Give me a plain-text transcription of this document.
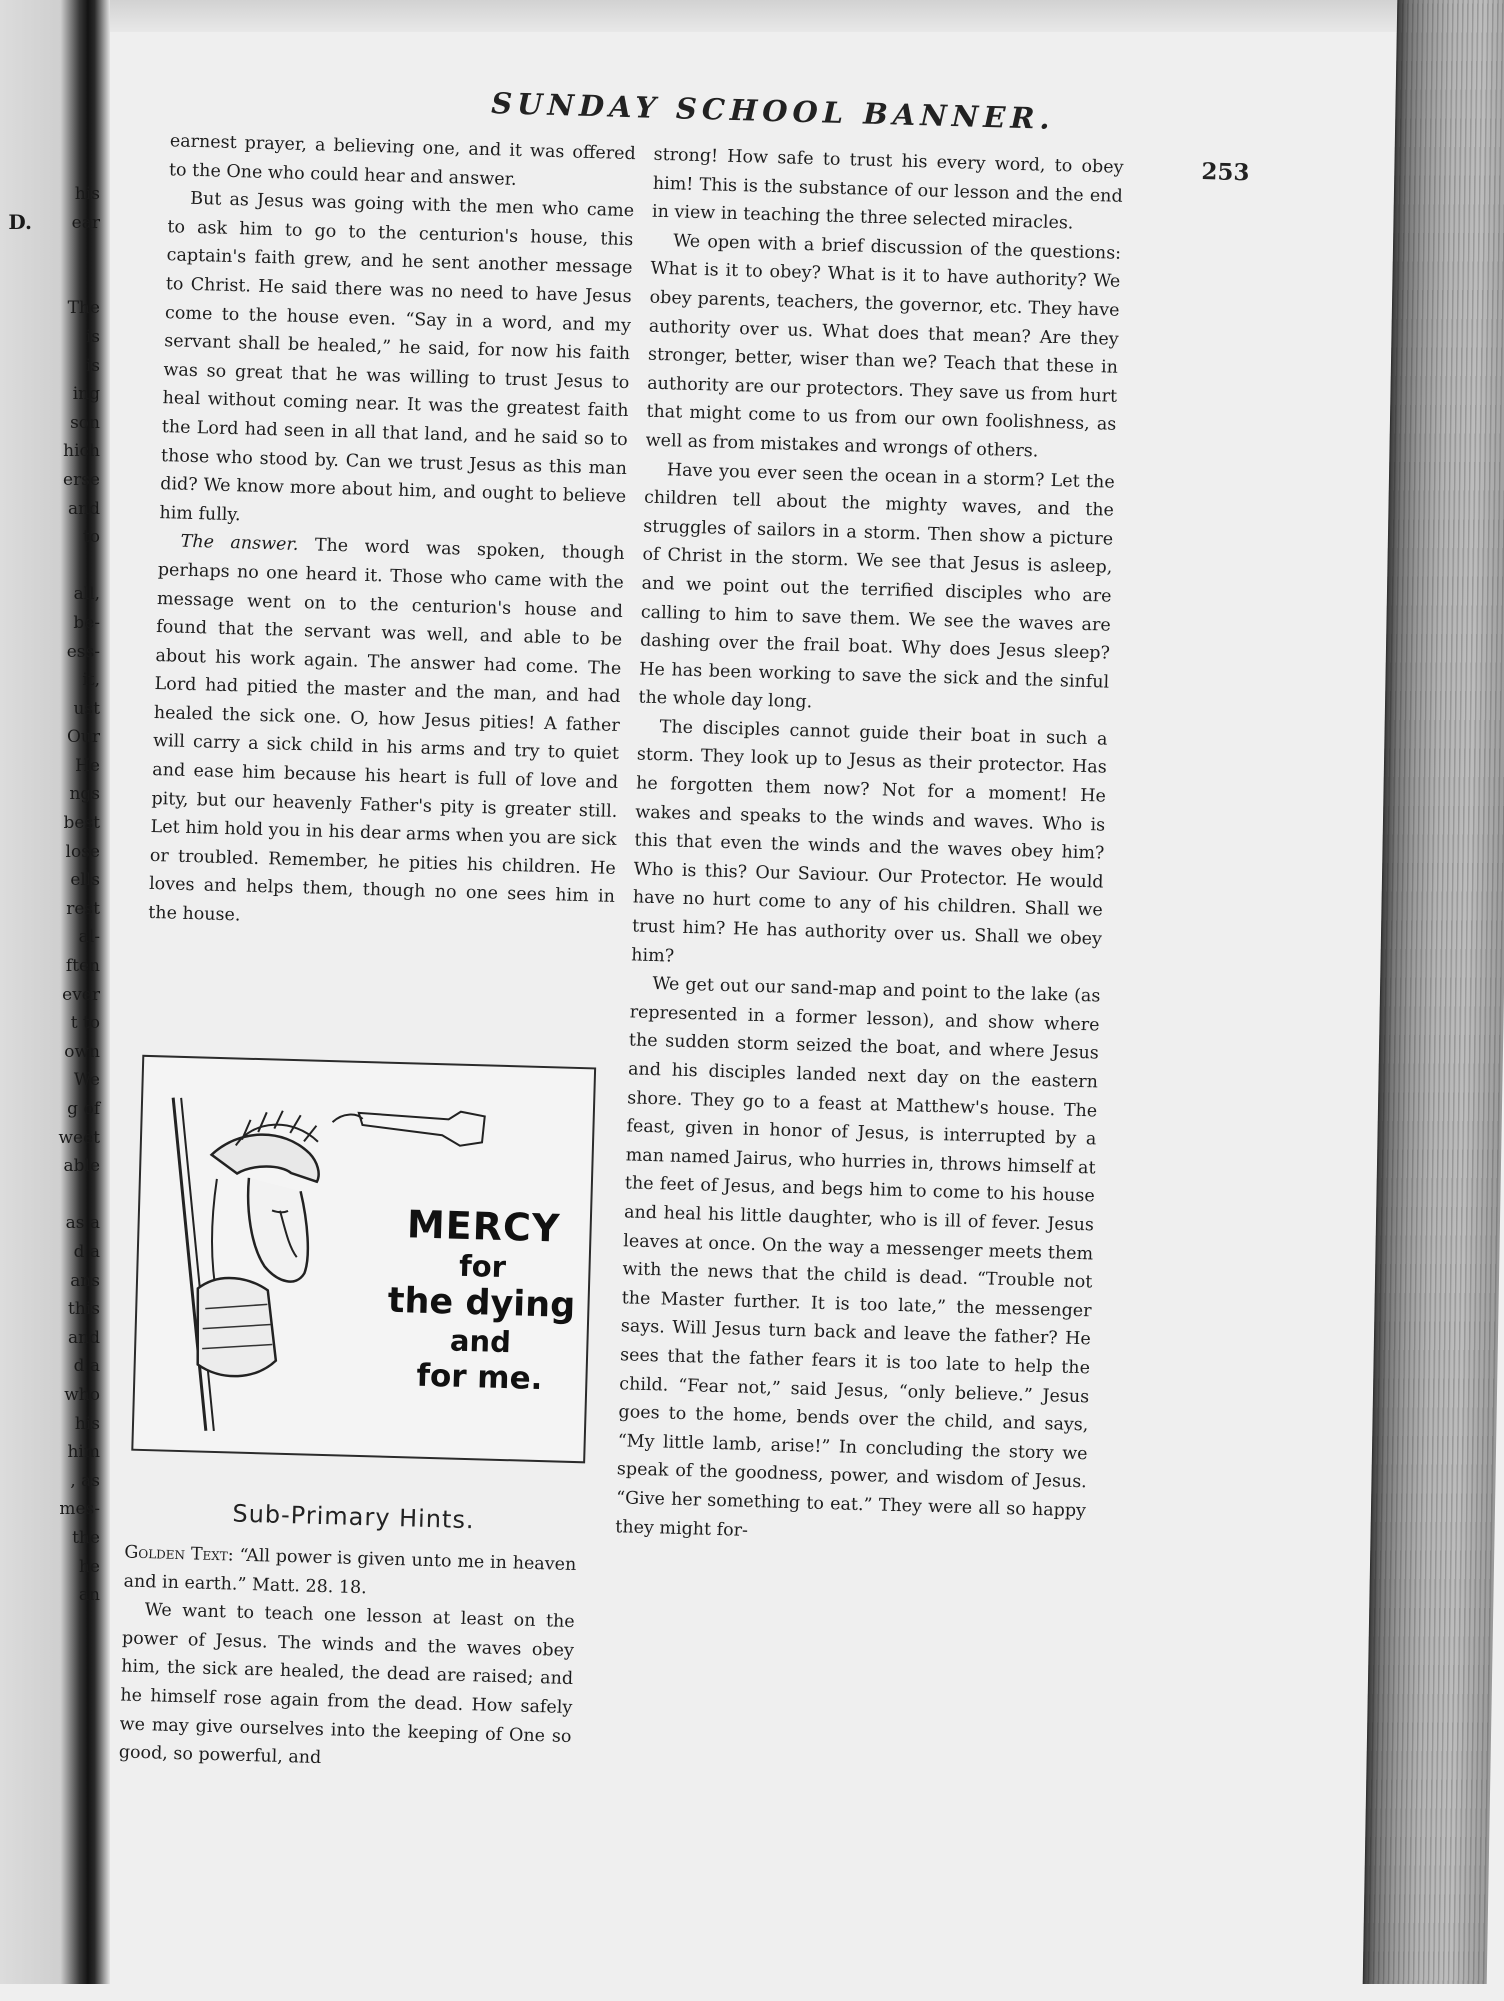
D.
his
ear
The
is
is
ing
son
hich
erse
and
to
all,
be-
ess-
it,
ust
Our
He
ngs
best
lose
ells
rest
al-
ften
ever
t to
own
We
g of
weet
able
as a
d a
ans
this
and
d a
who
his
him
, as
mes-
the
he
an
SUNDAY SCHOOL BANNER.
253

earnest prayer, a believing one, and it was offered to the One who could hear and answer.

But as Jesus was going with the men who came to ask him to go to the centurion's house, this captain's faith grew, and he sent another message to Christ. He said there was no need to have Jesus come to the house even. “Say in a word, and my servant shall be healed,” he said, for now his faith was so great that he was willing to trust Jesus to heal without coming near. It was the greatest faith the Lord had seen in all that land, and he said so to those who stood by. Can we trust Jesus as this man did? We know more about him, and ought to believe him fully.

The answer. The word was spoken, though perhaps no one heard it. Those who came with the message went on to the centurion's house and found that the servant was well, and able to be about his work again. The answer had come. The Lord had pitied the master and the man, and had healed the sick one. O, how Jesus pities! A father will carry a sick child in his arms and try to quiet and ease him because his heart is full of love and pity, but our heavenly Father's pity is greater still. Let him hold you in his dear arms when you are sick or troubled. Remember, he pities his children. He loves and helps them, though no one sees him in the house.

MERCY
for
the dying
and
for me.
Sub-Primary Hints.

Golden Text: “All power is given unto me in heaven and in earth.” Matt. 28. 18.

We want to teach one lesson at least on the power of Jesus. The winds and the waves obey him, the sick are healed, the dead are raised; and he himself rose again from the dead. How safely we may give ourselves into the keeping of One so good, so powerful, and

strong! How safe to trust his every word, to obey him! This is the substance of our lesson and the end in view in teaching the three selected miracles.

We open with a brief discussion of the questions: What is it to obey? What is it to have authority? We obey parents, teachers, the governor, etc. They have authority over us. What does that mean? Are they stronger, better, wiser than we? Teach that these in authority are our protectors. They save us from hurt that might come to us from our own foolishness, as well as from mistakes and wrongs of others.

Have you ever seen the ocean in a storm? Let the children tell about the mighty waves, and the struggles of sailors in a storm. Then show a picture of Christ in the storm. We see that Jesus is asleep, and we point out the terrified disciples who are calling to him to save them. We see the waves are dashing over the frail boat. Why does Jesus sleep? He has been working to save the sick and the sinful the whole day long.

The disciples cannot guide their boat in such a storm. They look up to Jesus as their protector. Has he forgotten them now? Not for a moment! He wakes and speaks to the winds and waves. Who is this that even the winds and the waves obey him? Who is this? Our Saviour. Our Protector. He would have no hurt come to any of his children. Shall we trust him? He has authority over us. Shall we obey him?

We get out our sand-map and point to the lake (as represented in a former lesson), and show where the sudden storm seized the boat, and where Jesus and his disciples landed next day on the eastern shore. They go to a feast at Matthew's house. The feast, given in honor of Jesus, is interrupted by a man named Jairus, who hurries in, throws himself at the feet of Jesus, and begs him to come to his house and heal his little daughter, who is ill of fever. Jesus leaves at once. On the way a messenger meets them with the news that the child is dead. “Trouble not the Master further. It is too late,” the messenger says. Will Jesus turn back and leave the father? He sees that the father fears it is too late to help the child. “Fear not,” said Jesus, “only believe.” Jesus goes to the home, bends over the child, and says, “My little lamb, arise!” In concluding the story we speak of the goodness, power, and wisdom of Jesus. “Give her something to eat.” They were all so happy they might for-
